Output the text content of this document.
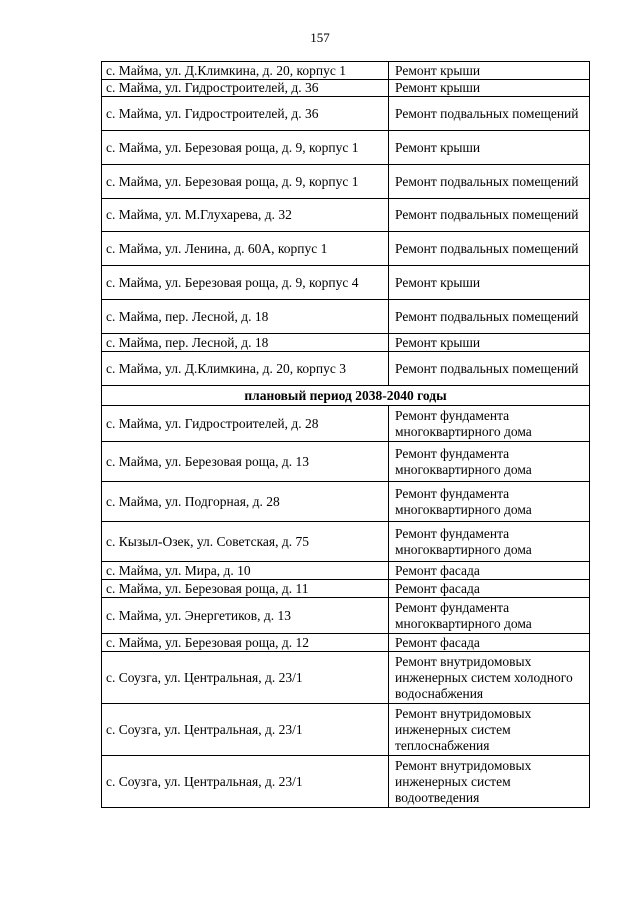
157
с. Майма, ул. Д.Климкина, д. 20, корпус 1	Ремонт крыши
с. Майма, ул. Гидростроителей, д. 36	Ремонт крыши
с. Майма, ул. Гидростроителей, д. 36	Ремонт подвальных помещений
с. Майма, ул. Березовая роща, д. 9, корпус 1	Ремонт крыши
с. Майма, ул. Березовая роща, д. 9, корпус 1	Ремонт подвальных помещений
с. Майма, ул. М.Глухарева, д. 32	Ремонт подвальных помещений
с. Майма, ул. Ленина, д. 60А, корпус 1	Ремонт подвальных помещений
с. Майма, ул. Березовая роща, д. 9, корпус 4	Ремонт крыши
с. Майма, пер. Лесной, д. 18	Ремонт подвальных помещений
с. Майма, пер. Лесной, д. 18	Ремонт крыши
с. Майма, ул. Д.Климкина, д. 20, корпус 3	Ремонт подвальных помещений
плановый период 2038-2040 годы	
с. Майма, ул. Гидростроителей, д. 28	Ремонт фундамента многоквартирного дома
с. Майма, ул. Березовая роща, д. 13	Ремонт фундамента многоквартирного дома
с. Майма, ул. Подгорная, д. 28	Ремонт фундамента многоквартирного дома
с. Кызыл-Озек, ул. Советская, д. 75	Ремонт фундамента многоквартирного дома
с. Майма, ул. Мира, д. 10	Ремонт фасада
с. Майма, ул. Березовая роща, д. 11	Ремонт фасада
с. Майма, ул. Энергетиков, д. 13	Ремонт фундамента многоквартирного дома
с. Майма, ул. Березовая роща, д. 12	Ремонт фасада
с. Соузга, ул. Центральная, д. 23/1	Ремонт внутридомовых инженерных систем холодного водоснабжения
с. Соузга, ул. Центральная, д. 23/1	Ремонт внутридомовых инженерных систем теплоснабжения
с. Соузга, ул. Центральная, д. 23/1	Ремонт внутридомовых инженерных систем водоотведения
